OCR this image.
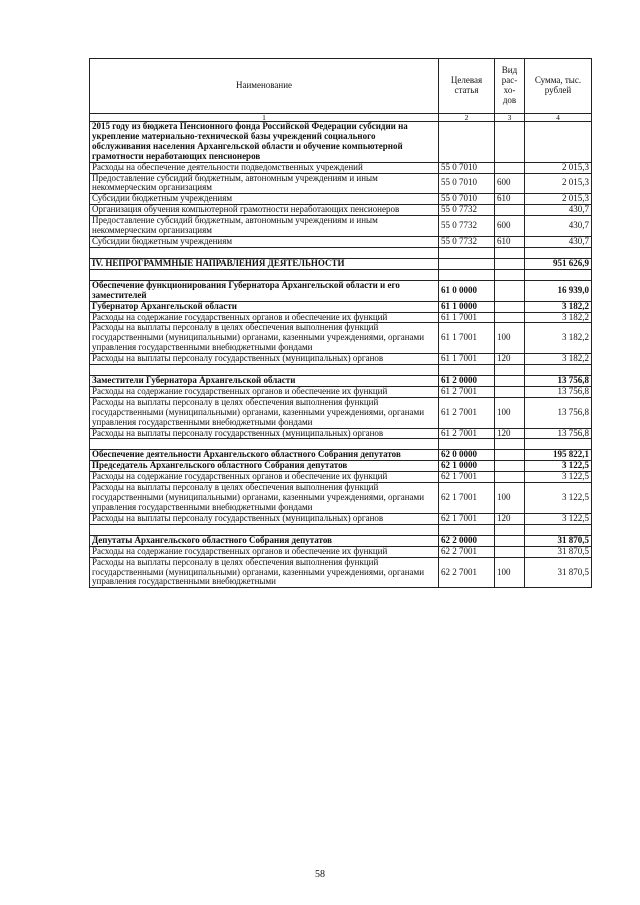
Наименование	Целевая статья	Вид
рас-
хо-
дов	Сумма, тыс. рублей
1	2	3	4
2015 году из бюджета Пенсионного фонда Российской Федерации субсидии на укрепление материально-технической базы учреждений социального обслуживания населения Архангельской области и обучение компьютерной грамотности неработающих пенсионеров			
Расходы на обеспечение деятельности подведомственных учреждений	55 0 7010		2 015,3
Предоставление субсидий бюджетным, автономным учреждениям и иным некоммерческим организациям	55 0 7010	600	2 015,3
Субсидии бюджетным учреждениям	55 0 7010	610	2 015,3
Организация обучения компьютерной грамотности неработающих пенсионеров	55 0 7732		430,7
Предоставление субсидий бюджетным, автономным учреждениям и иным некоммерческим организациям	55 0 7732	600	430,7
Субсидии бюджетным учреждениям	55 0 7732	610	430,7

IV. НЕПРОГРАММНЫЕ НАПРАВЛЕНИЯ ДЕЯТЕЛЬНОСТИ			951 626,9

Обеспечение функционирования Губернатора Архангельской области и его заместителей	61 0 0000		16 939,0
Губернатор Архангельской области	61 1 0000		3 182,2
Расходы на содержание государственных органов и обеспечение их функций	61 1 7001		3 182,2
Расходы на выплаты персоналу в целях обеспечения выполнения функций государственными (муниципальными) органами, казенными учреждениями, органами управления государственными внебюджетными фондами	61 1 7001	100	3 182,2
Расходы на выплаты персоналу государственных (муниципальных) органов	61 1 7001	120	3 182,2

Заместители Губернатора Архангельской области	61 2 0000		13 756,8
Расходы на содержание государственных органов и обеспечение их функций	61 2 7001		13 756,8
Расходы на выплаты персоналу в целях обеспечения выполнения функций государственными (муниципальными) органами, казенными учреждениями, органами управления государственными внебюджетными фондами	61 2 7001	100	13 756,8
Расходы на выплаты персоналу государственных (муниципальных) органов	61 2 7001	120	13 756,8

Обеспечение деятельности Архангельского областного Собрания депутатов	62 0 0000		195 822,1
Председатель Архангельского областного Собрания депутатов	62 1 0000		3 122,5
Расходы на содержание государственных органов и обеспечение их функций	62 1 7001		3 122,5
Расходы на выплаты персоналу в целях обеспечения выполнения функций государственными (муниципальными) органами, казенными учреждениями, органами управления государственными внебюджетными фондами	62 1 7001	100	3 122,5
Расходы на выплаты персоналу государственных (муниципальных) органов	62 1 7001	120	3 122,5

Депутаты Архангельского областного Собрания депутатов	62 2 0000		31 870,5
Расходы на содержание государственных органов и обеспечение их функций	62 2 7001		31 870,5
Расходы на выплаты персоналу в целях обеспечения выполнения функций государственными (муниципальными) органами, казенными учреждениями, органами управления государственными внебюджетными	62 2 7001	100	31 870,5
58
